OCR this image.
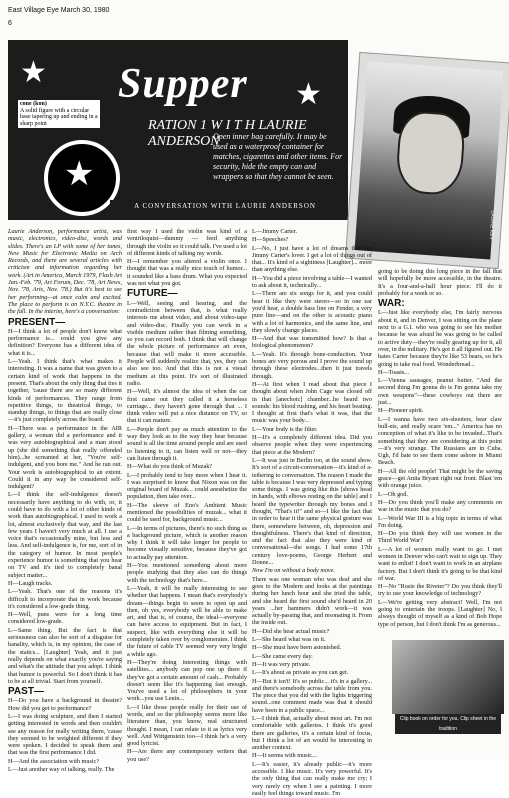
East Village Eye March 30, 1980
6
★
★
Supper
RATION 1 W I T H LAURIE ANDERSON
cone (kon)
A solid figure with a circular base tapering up and ending in a sharp point
★
Open inner bag carefully. It may be used as a waterproof container for matches, cigarettes and other items. For security, hide the empty can and wrappers so that they cannot be seen.
A CONVERSATION WITH LAURIE ANDERSON
LAURIE KEY

Laurie Anderson, performance artist, was music, electronics, video-disc, words and slides. There's an LP with some of her tunes, New Music for Electronic Media on Arch Records, and there are several articles with criticism and information regarding her work. (Art in America, March 1979, Flash Art Jan.-Feb. '79, Art Forum, Dec. '78, Art News, Nov. '78, Arts, Nov. '78.) But it's best to see her performing—at once calm and excited. The place to perform is an N.Y.C. theatre in the fall. In the interim, here's a conversation:

PRESENT—

H—I think a lot of people don't know what performance is... could you give any definition? Everyone has a different idea of what it is...

L—Yeah. I think that's what makes it interesting. It was a name that was given to a certain kind of work that happens in the present. That's about the only thing that ties it together, 'cause there are so many different kinds of performances. They range from repetitive things, to theatrical things, to standup things, to things that are really close—it's just completely across the board.

H—There was a performance in the AIR gallery, a woman did a performance and it was very autobiographical and a man stood up (she did something that really offended him)...he screamed at her, "You're self-indulgent, and you bore me." And he ran out. Your work is autobiographical to an extent. Could it in any way be considered self-indulgent?

L—I think the self-indulgence doesn't necessarily have anything to do with, or, it could have to do with a lot of other kinds of work than autobiographical. I used to work a lot, almost exclusively that way, and the last few years I haven't very much at all. I use a voice that's occasionally mine, but less and less. And self-indulgence is, for me, sort of in the category of humor. In most people's experience humor is something that you hear on TV and it's tied to completely banal subject matter...

H—Laugh tracks.

L—Yeah. That's one of the reasons it's difficult to incorporate that in work because it's considered a low-grade thing.

H—Well, puns were for a long time considered low-grade.

L—Same thing. But the fact is that seriousness can also be sort of a disguise for banality, which is, in my opinion, the case of the statics... [Laughter] Yeah, and it just really depends on what exactly you're saying and what's the attitude that you adopt. I think that humor is powerful. So I don't think it has to be at all trivial. Start from yourself.

PAST—

H—Do you have a background in theatre? How did you get to performance?

L—I was doing sculpture, and then I started getting interested in words and then couldn't see any reason for really writing them, 'cause they seemed to be weighted different if they were spoken. I decided to speak them and that was the first performance I did.

H—And the association with music?

L—Just another way of talking, really. The

first way I used the violin was kind of a ventriloquist—dummy — feed anything through the violin so it could talk. I've used a lot of different kinds of talking my words.

H—I remember you altered a violin once. I thought that was a really nice touch of humor... it sounded like a bass drum. What you expected was not what you got.

FUTURE—

L—Well, seeing and hearing, and the contradiction between that, is what really interests me about video, and about video-tape and video-disc. Finally you can work in a visible medium rather than filming something, so you can record both. I think that will change the whole picture of performance art even, because that will make it more accessible. People will suddenly realize that, yes, they can also see too. And that this is not a visual medium at this point. It's sort of illustrated radio.

H—Well, it's almost the idea of when the car first came out they called it a horseless carriage... they haven't gone through that ... I think video will put a nice distance on TV, so that it can mature.

L—People don't pay as much attention to the way they look as to the way they hear because sound is all the time around people and are used to listening to it, can listen well or not—they can listen through it.

H—What do you think of Muzak?

L—I probably tend to buy more when I hear it. I was surprised to know that Nixon was on the original board of Muzak... could anesthetize the population, then take over...

H—The sleeve of Eno's Ambient Music mentioned the possibilities of muzak... what it could be used for, background music...

L—In terms of pictures, there's no such thing as a background picture, which is another reason why I think it will take longer for people to become visually sensitive, because they've got to actually pay attention.

H—You mentioned something about more people studying that they also can do things with the technology that's here...

L—Yeah, it will be really interesting to see whether that happens. I mean that's everybody's dream—things begin to seem to open up and then, oh yes, everybody will be able to make art, and that is, of course, the ideal—everyone can have access to equipment. But in fact, I suspect, like with everything else it will be completely taken over by conglomerates. I think the future of cable TV seemed very very bright a while ago.

H—They're doing interesting things with satellites... anybody can pop one up there if they've got a certain amount of cash... Probably doesn't seem like it's happening fast enough. You've used a lot of philosophers in your work...you use Lenin...

L—I like those people really for their use of words, and so the philosophy seems more like literature than, you know, real structured thought. I mean, I can relate to it as lyrics very well. And Wittgenstein too—I think he's a very good lyricist.

H—Are there any contemporary writers that you use?

L—Jimmy Carter.

H—Speeches?

L—No, I just have a lot of dreams that I'm Jimmy Carter's lover. I get a lot of things out of that... It's kind of a sightiness [Laughter]... more than anything else.

H—You did a piece involving a table—I wanted to ask about it, technically...

L—There are six songs for it, and you could hear it like they were stereo—so in one ear you'd hear, a double bass line on Fender, a very pure line—and on the other is acoustic piano with a lot of harmonics, and the same line, and they slowly change places.

H—And that was transmitted how? Is that a biological phenomenon?

L—Yeah. It's through bone-conduction. Your bones are very porous and I prove the sound up through these electrodes...then it just travels through.

H—At first when I read about that piece I thought about when John Cage was closed off in that [anechoic] chamber...he heard two sounds: his blood rushing, and his heart beating. I thought at first that's what it was, that the music was your body...

L—Your body is the filter.

H—It's a completely different idea. Did you observe people when they were experiencing that piece at the Modern?

L—It was just in Berlin too, at the sound show. It's sort of a circuit-conversation—it's kind of a-tethering to conversation. The reason I made the table is because I was very depressed and typing some things. I was going like this [shows head in hands, with elbows resting on the table] and I heard the typewriter through my bones and I thought, "That's it!" and so—I like the fact that in order to hear it the same physical gesture was there, somewhere between, oh, depression and thoughtfulness. There's that kind of direction, and the fact that also they were kind of conversational—the songs. I had some 17th century love-poems, George Herbert and Donne...

Now I'm on without a body move.

There was one woman who was deaf and she goes to the Modern and looks at the paintings during her lunch hour and she tried the table, and she heard the first sound she'd heard in 20 years ...her hammers didn't work—it was actually by-passing that, and resonating it. From the inside out.

H—Did she hear actual music?

L—She heard what was on it.

H—She must have been astonished.

L—She came every day.

H—It was very private.

L—It's about as private as you can get.

H—But it isn't! It's so public... it's in a gallery... and there's somebody across the table from you. The piece that you did with the lights triggering sound...one comment made was that it should have been in a public space...

L—I think that, actually about most art. I'm not comfortable with galleries. I think it's good there are galleries, it's a certain kind of focus, but I think a lot of art would be interesting in another context.

H—It seems with music...

L—It's easier, it's already public—it's more accessible. I like music. It's very powerful. It's the only thing that can really make me cry; I very rarely cry when I see a painting. I more easily feel things toward music. I'm

going to be doing this long piece in the fall that will hopefully be more accessible, in the theatre. It's a four-and-a-half hour piece. I'll do it probably for a week or so.

WAR:

L—Just like everybody else, I'm fairly nervous about it, and in Denver, I was sitting on the plane next to a G.I. who was going to see his mother because he was afraid he was going to be called to active duty—they're really gearing up for it, all over, in the military. He's got it all figured out. He hates Carter because they're like 53 bears, so he's going to take real food. Wonderbread...

H—Toasts...

L—Vienna sausages, peanut butter. "And the second thing I'm gonna do is I'm gonna take my own weapons"—these cowboys out there are just...

H—Pioneer spirit.

L—I wanna have two six-shooters, bear claw bull-ets, and really scare 'em..." America has no conception of what it's like to be invaded...That's something that they are considering at this point—it's very strange. The Russians are in Cuba. Ugh, I'd hate to see them come ashore in Miami Beach.

H—All the old people! That might be the saving grace—get Anita Bryant right out front. Blast 'em with orange juice.

L—Oh god.

H—Do you think you'll make any comments on war in the music that you do?

L—World War III is a big topic in terms of what I'm doing.

H—Do you think they will use women in the Third World War?

L—A lot of women really want to go. I met women in Denver who can't wait to sign up. They want to enlist! I don't want to work in an airplane factory. But I don't think it's going to be that kind of war.

H—No "Rosie the Riveter"? Do you think they'll try to use your knowledge of technology?

L—We're getting very abstract! Well, I'm not going to entertain the troops. [Laughter] No, I always thought of myself as a kind of Bob Hope type of person, but I don't think I'm as generous...

Clip book on order for you. Clip sheet in the tradition
